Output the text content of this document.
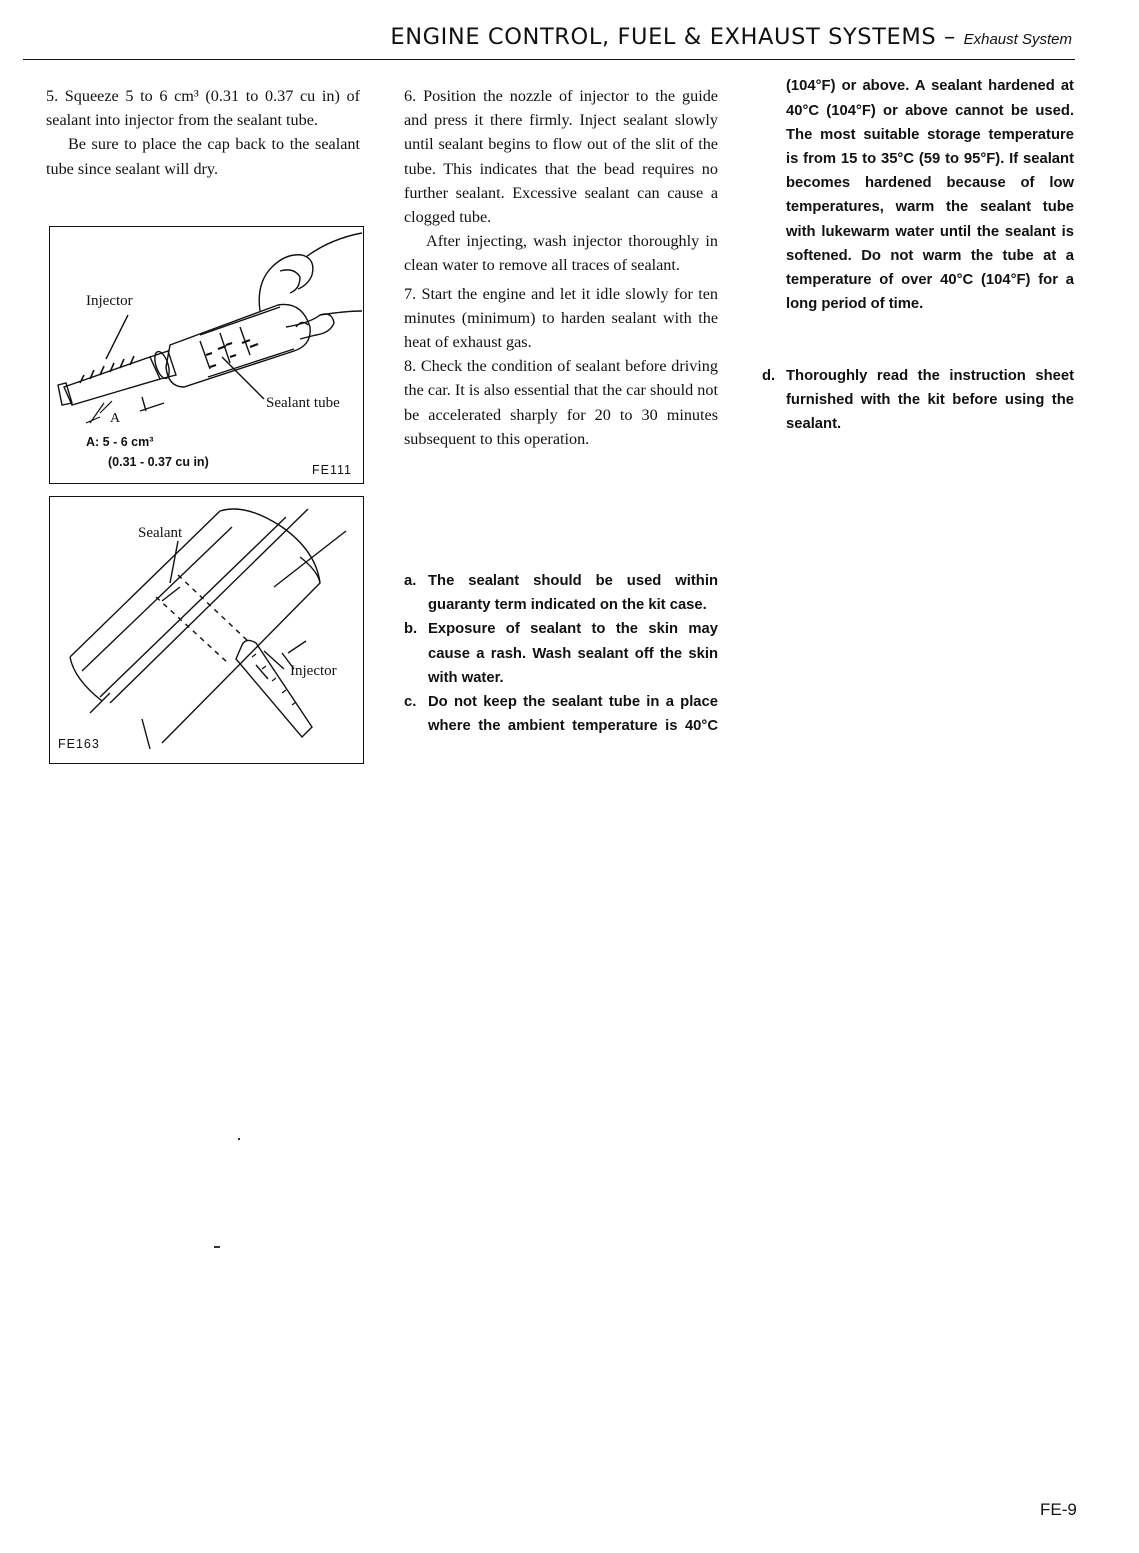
ENGINE CONTROL, FUEL & EXHAUST SYSTEMS – Exhaust System

5. Squeeze 5 to 6 cm³ (0.31 to 0.37 cu in) of sealant into injector from the sealant tube.

Be sure to place the cap back to the sealant tube since sealant will dry.

Injector
Sealant tube
A
A: 5 - 6 cm³
(0.31 - 0.37 cu in)
FE111
Sealant
Injector
FE163

6. Position the nozzle of injector to the guide and press it there firmly. Inject sealant slowly until sealant begins to flow out of the slit of the tube. This indicates that the bead requires no further sealant. Excessive sealant can cause a clogged tube.

After injecting, wash injector thoroughly in clean water to remove all traces of sealant.

7. Start the engine and let it idle slowly for ten minutes (minimum) to harden sealant with the heat of exhaust gas.

8. Check the condition of sealant before driving the car. It is also essential that the car should not be accelerated sharply for 20 to 30 minutes subsequent to this operation.

a. The sealant should be used within guaranty term indicated on the kit case.
b. Exposure of sealant to the skin may cause a rash. Wash sealant off the skin with water.
c. Do not keep the sealant tube in a place where the ambient temperature is 40°C
(104°F) or above. A sealant hardened at 40°C (104°F) or above cannot be used. The most suitable storage temperature is from 15 to 35°C (59 to 95°F). If sealant becomes hardened because of low temperatures, warm the sealant tube with lukewarm water until the sealant is softened. Do not warm the tube at a temperature of over 40°C (104°F) for a long period of time.
d. Thoroughly read the instruction sheet furnished with the kit before using the sealant.
FE-9
